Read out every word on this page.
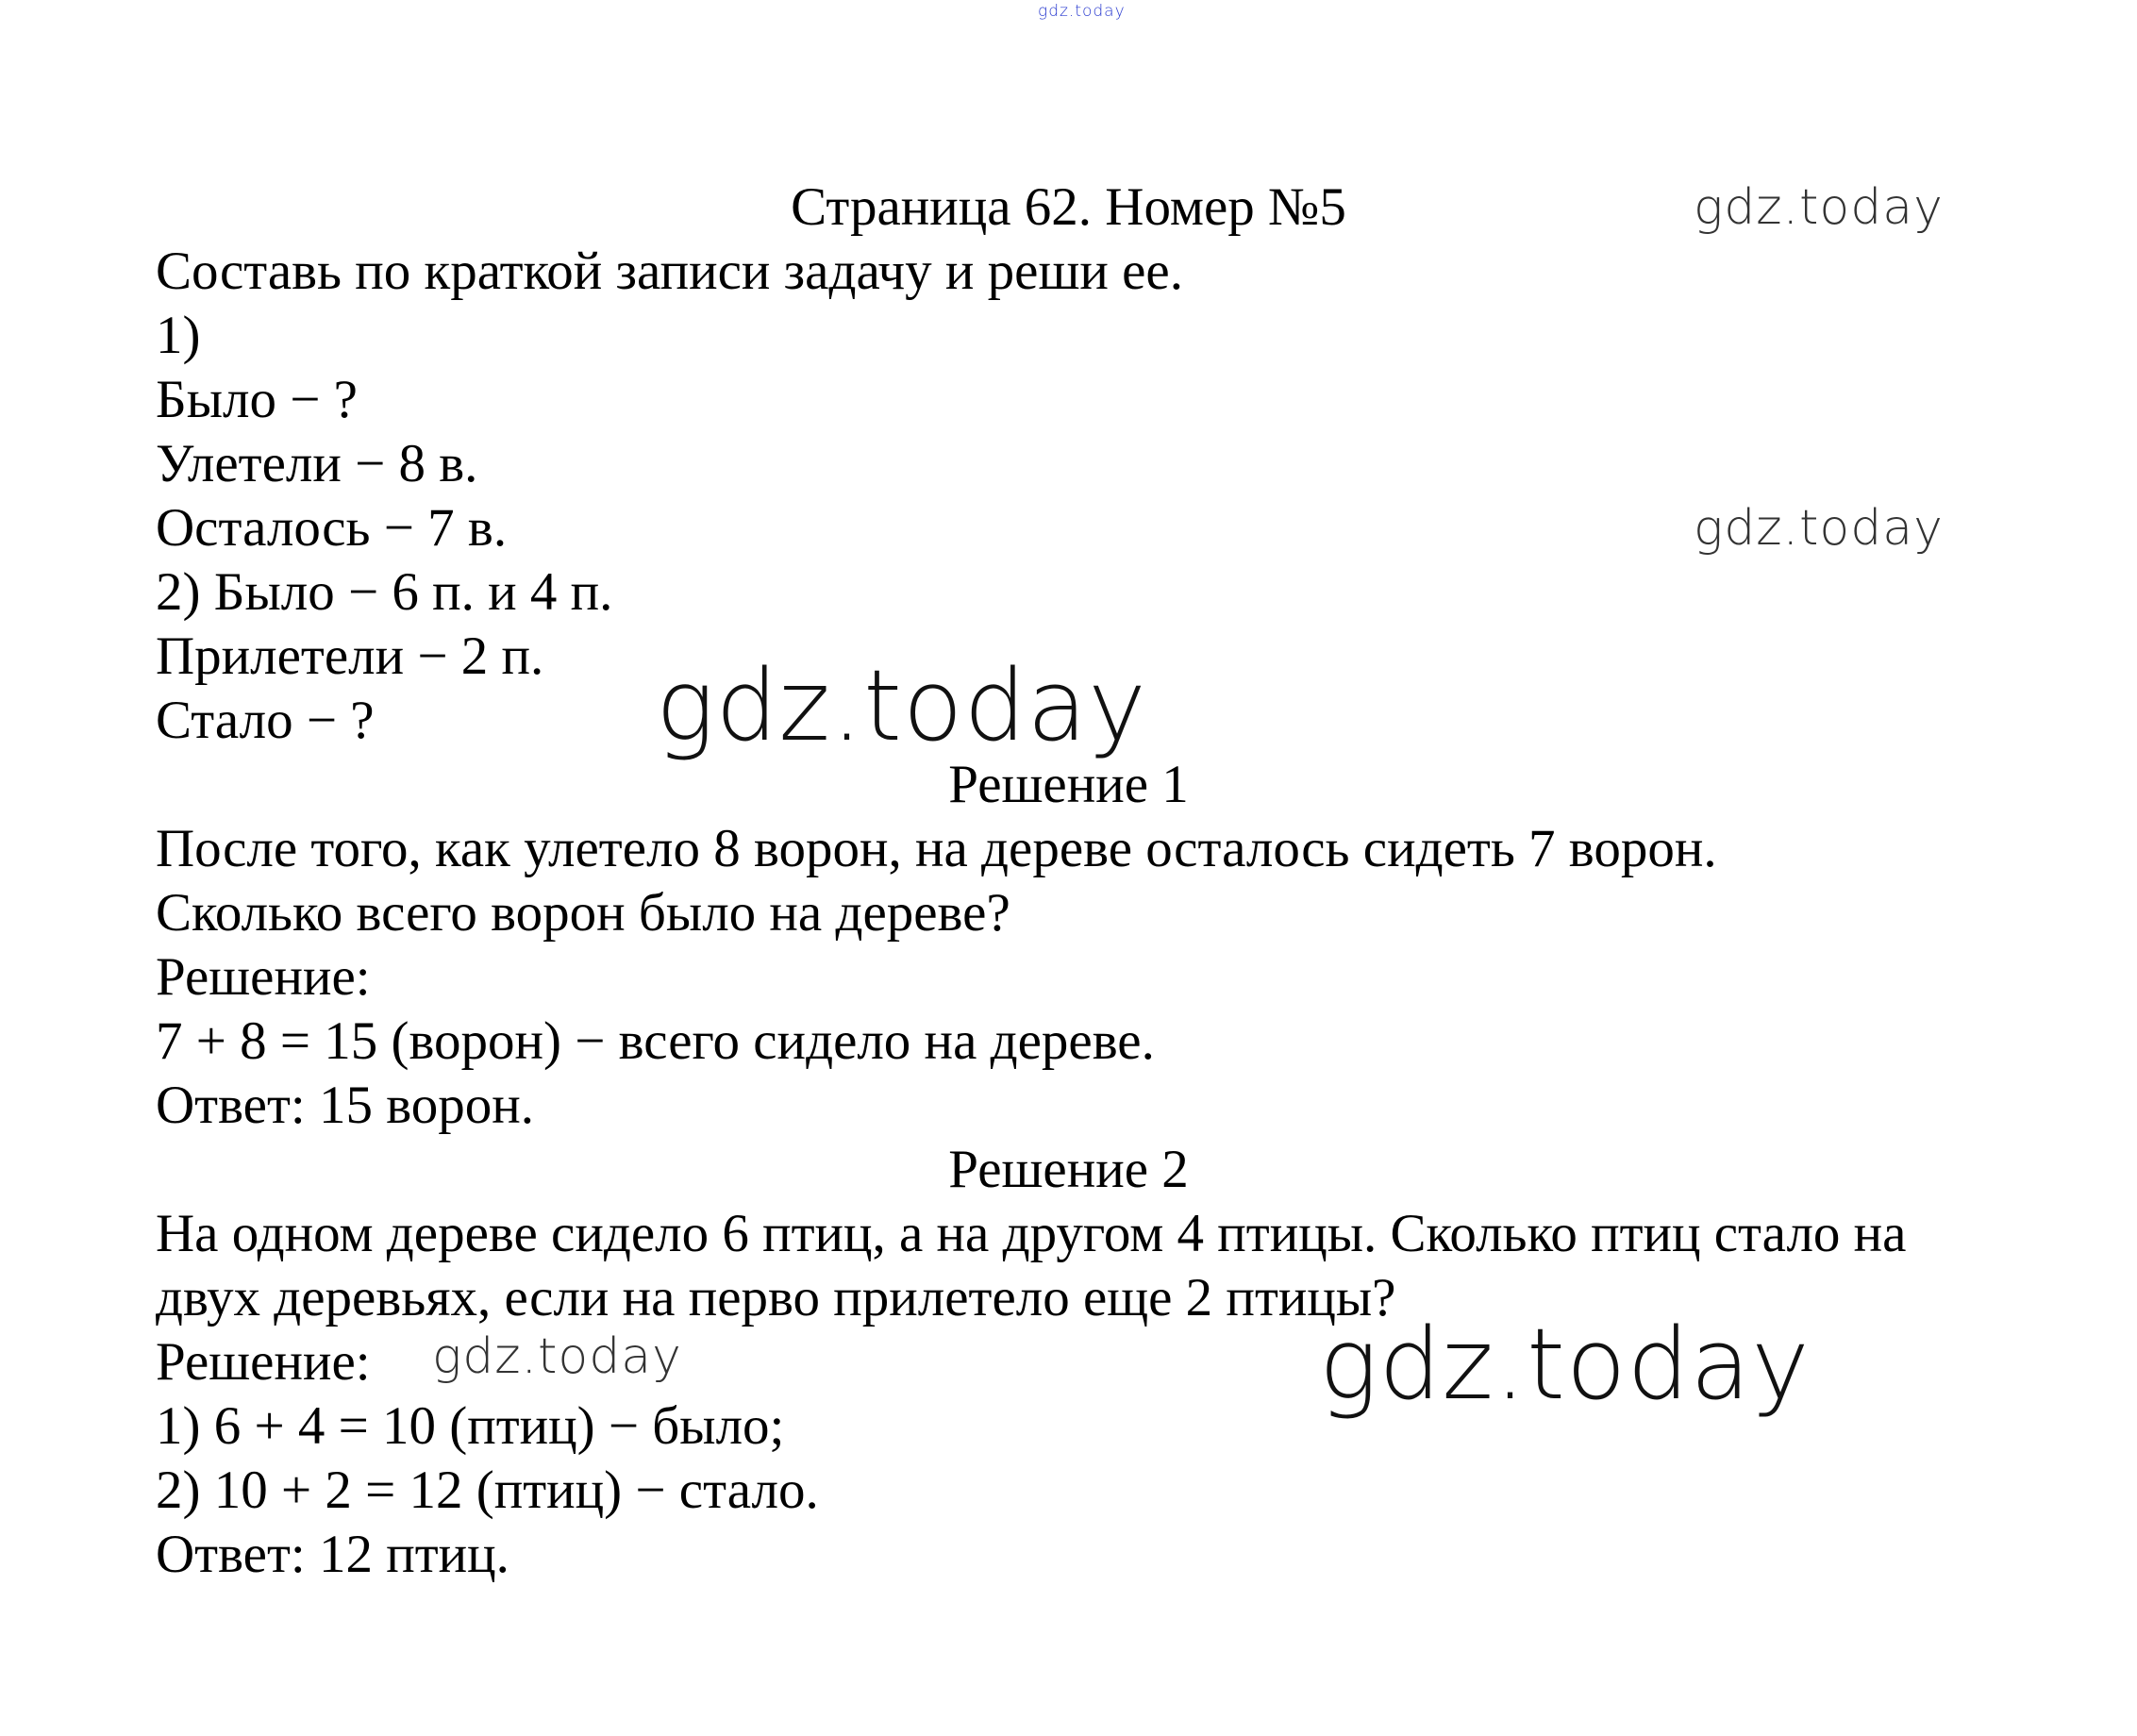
gdz.today
Страница 62. Номер №5	gdz.today
Составь по краткой записи задачу и реши ее.
1)
Было − ?
Улетели − 8 в.
Осталось − 7 в.	gdz.today
2) Было − 6 п. и 4 п.
Прилетели − 2 п.
Стало − ?	gdz.today
Решение 1
После того, как улетело 8 ворон, на дереве осталось сидеть 7 ворон.
Сколько всего ворон было на дереве?
Решение:
7 + 8 = 15 (ворон) − всего сидело на дереве.
Ответ: 15 ворон.
Решение 2
На одном дереве сидело 6 птиц, а на другом 4 птицы. Сколько птиц стало на
двух деревьях, если на перво прилетело еще 2 птицы?
Решение: gdz.today	gdz.today
1) 6 + 4 = 10 (птиц) − было;
2) 10 + 2 = 12 (птиц) − стало.
Ответ: 12 птиц.
